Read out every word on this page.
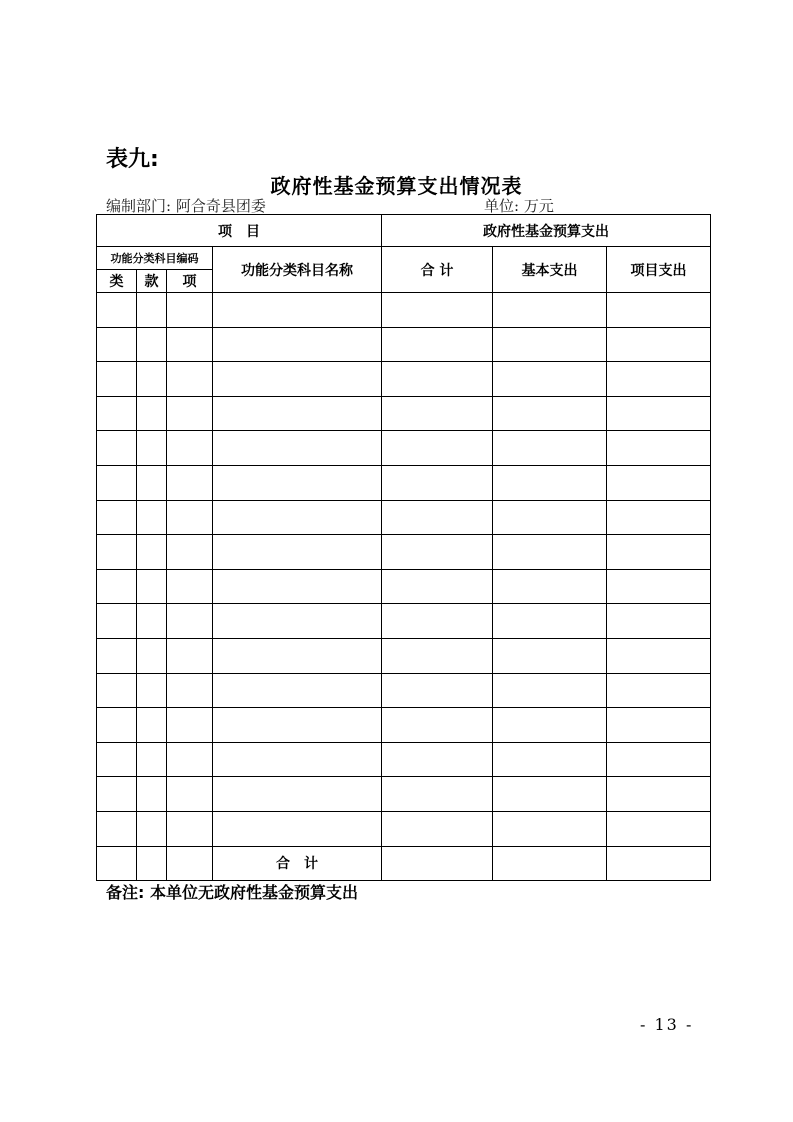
表九:
政府性基金预算支出情况表
编制部门: 阿合奇县团委	单位: 万元
项　目				政府性基金预算支出		
功能分类科目编码			功能分类科目名称	合 计	基本支出	项目支出
类	款	项				

			合　计			
备注: 本单位无政府性基金预算支出
- 13 -
